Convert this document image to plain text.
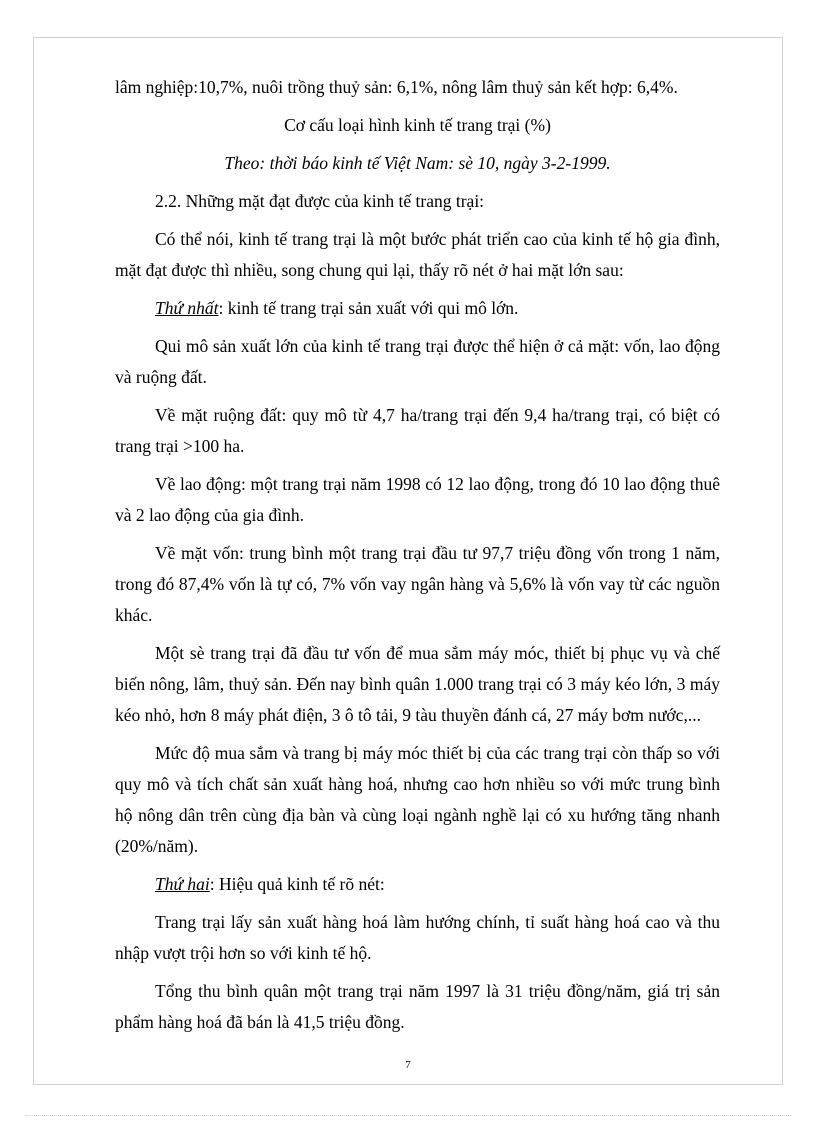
lâm nghiệp:10,7%, nuôi trồng thuỷ sản: 6,1%, nông lâm thuỷ sản kết hợp: 6,4%.

Cơ cấu loại hình kinh tế trang trại (%)

Theo: thời báo kinh tế Việt Nam: sè 10, ngày 3-2-1999.

2.2. Những mặt đạt được của kinh tế trang trại:

Có thể nói, kinh tế trang trại là một bước phát triển cao của kinh tế hộ gia đình, mặt đạt được thì nhiều, song chung qui lại, thấy rõ nét ở hai mặt lớn sau:

Thứ nhất: kinh tế trang trại sản xuất với qui mô lớn.

Qui mô sản xuất lớn của kinh tế trang trại được thể hiện ở cả mặt: vốn, lao động và ruộng đất.

Về mặt ruộng đất: quy mô từ 4,7 ha/trang trại đến 9,4 ha/trang trại, có biệt có trang trại >100 ha.

Về lao động: một trang trại năm 1998 có 12 lao động, trong đó 10 lao động thuê và 2 lao động của gia đình.

Về mặt vốn: trung bình một trang trại đầu tư 97,7 triệu đồng vốn trong 1 năm, trong đó 87,4% vốn là tự có, 7% vốn vay ngân hàng và 5,6% là vốn vay từ các nguồn khác.

Một sè trang trại đã đầu tư vốn để mua sắm máy móc, thiết bị phục vụ và chế biến nông, lâm, thuỷ sản. Đến nay bình quân 1.000 trang trại có 3 máy kéo lớn, 3 máy kéo nhỏ, hơn 8 máy phát điện, 3 ô tô tải, 9 tàu thuyền đánh cá, 27 máy bơm nước,...

Mức độ mua sắm và trang bị máy móc thiết bị của các trang trại còn thấp so với quy mô và tích chất sản xuất hàng hoá, nhưng cao hơn nhiều so với mức trung bình hộ nông dân trên cùng địa bàn và cùng loại ngành nghề lại có xu hướng tăng nhanh (20%/năm).

Thứ hai: Hiệu quả kinh tế rõ nét:

Trang trại lấy sản xuất hàng hoá làm hướng chính, tỉ suất hàng hoá cao và thu nhập vượt trội hơn so với kinh tế hộ.

Tổng thu bình quân một trang trại năm 1997 là 31 triệu đồng/năm, giá trị sản phẩm hàng hoá đã bán là 41,5 triệu đồng.

7
